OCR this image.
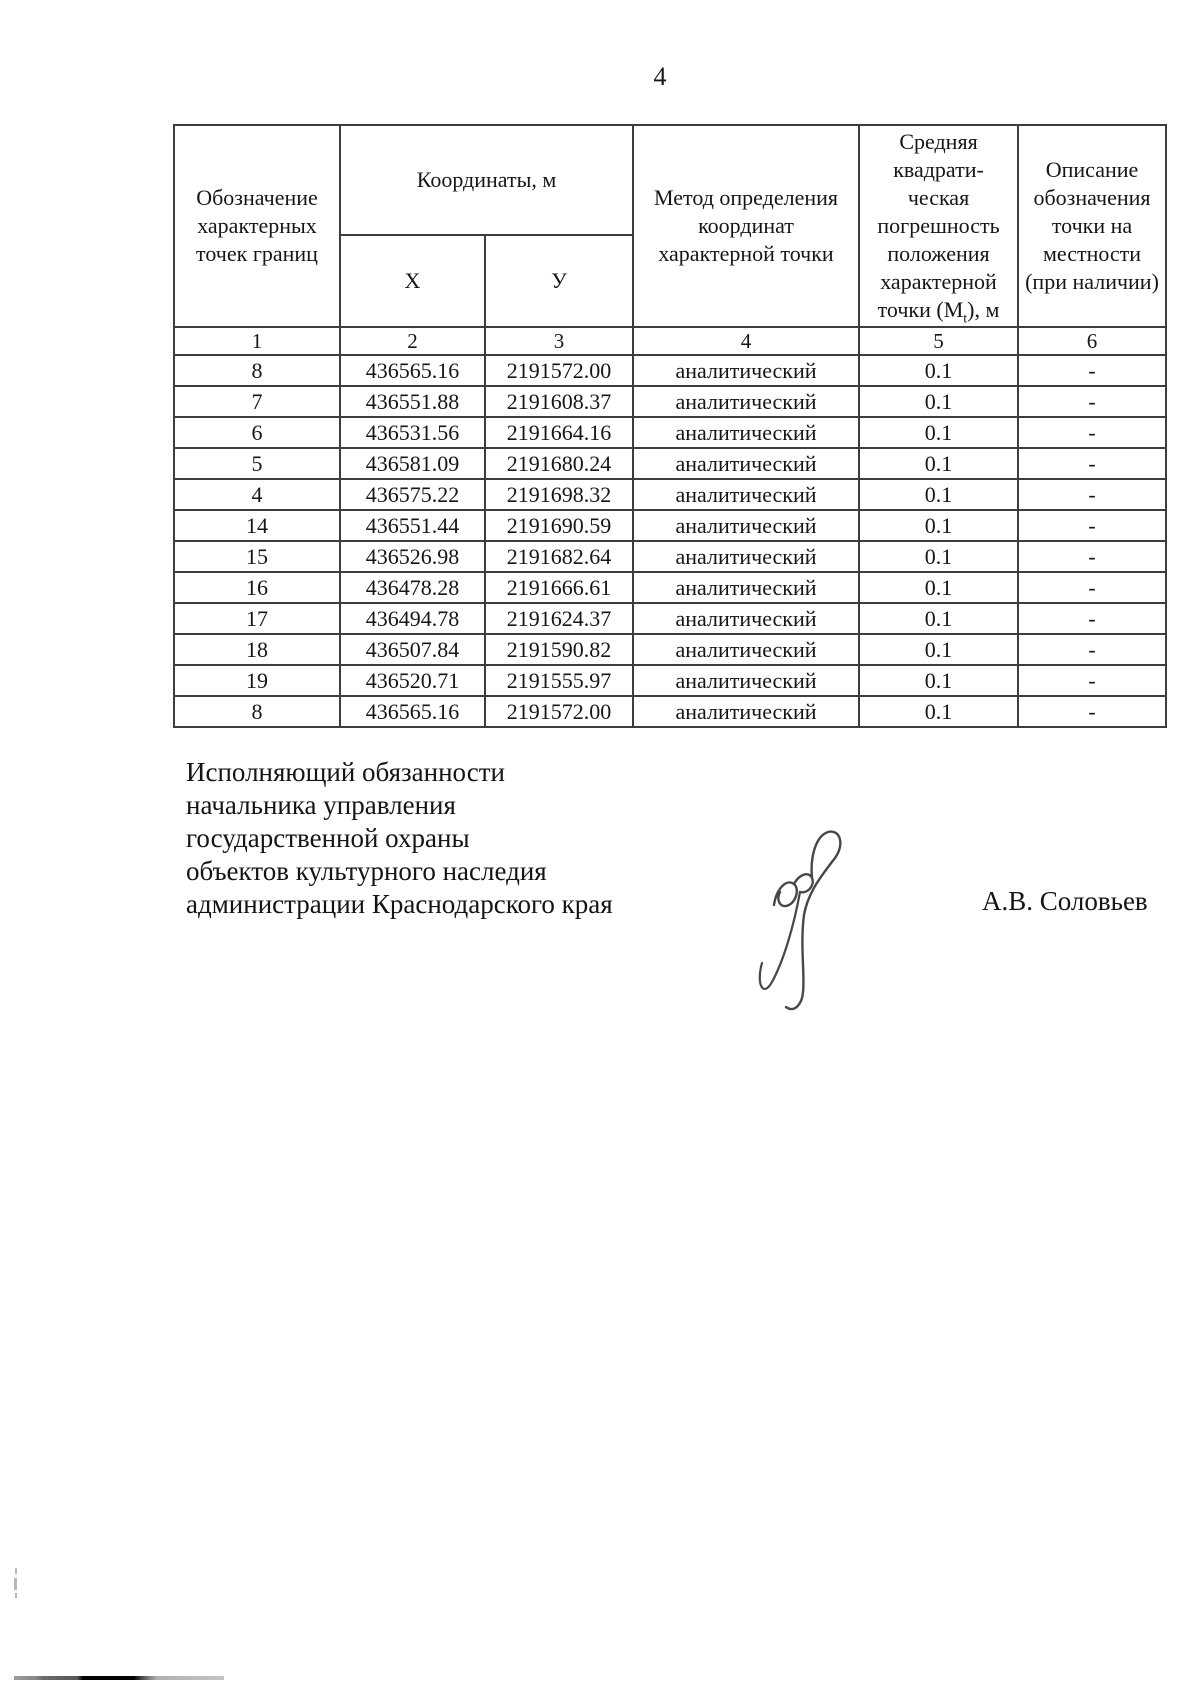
4
Обозначение характерных точек границ	Координаты, м		Метод определения координат характерной точки	Средняя квадрати-ческая погрешность положения характерной точки $(М_t)$, м	Описание обозначения точки на местности (при наличии)
	Х	У			
1	2	3	4	5	6
8	436565.16	2191572.00	аналитический	0.1	-
7	436551.88	2191608.37	аналитический	0.1	-
6	436531.56	2191664.16	аналитический	0.1	-
5	436581.09	2191680.24	аналитический	0.1	-
4	436575.22	2191698.32	аналитический	0.1	-
14	436551.44	2191690.59	аналитический	0.1	-
15	436526.98	2191682.64	аналитический	0.1	-
16	436478.28	2191666.61	аналитический	0.1	-
17	436494.78	2191624.37	аналитический	0.1	-
18	436507.84	2191590.82	аналитический	0.1	-
19	436520.71	2191555.97	аналитический	0.1	-
8	436565.16	2191572.00	аналитический	0.1	-
Исполняющий обязанности
начальника управления
государственной охраны
объектов культурного наследия
администрации Краснодарского края	А.В. Соловьев
